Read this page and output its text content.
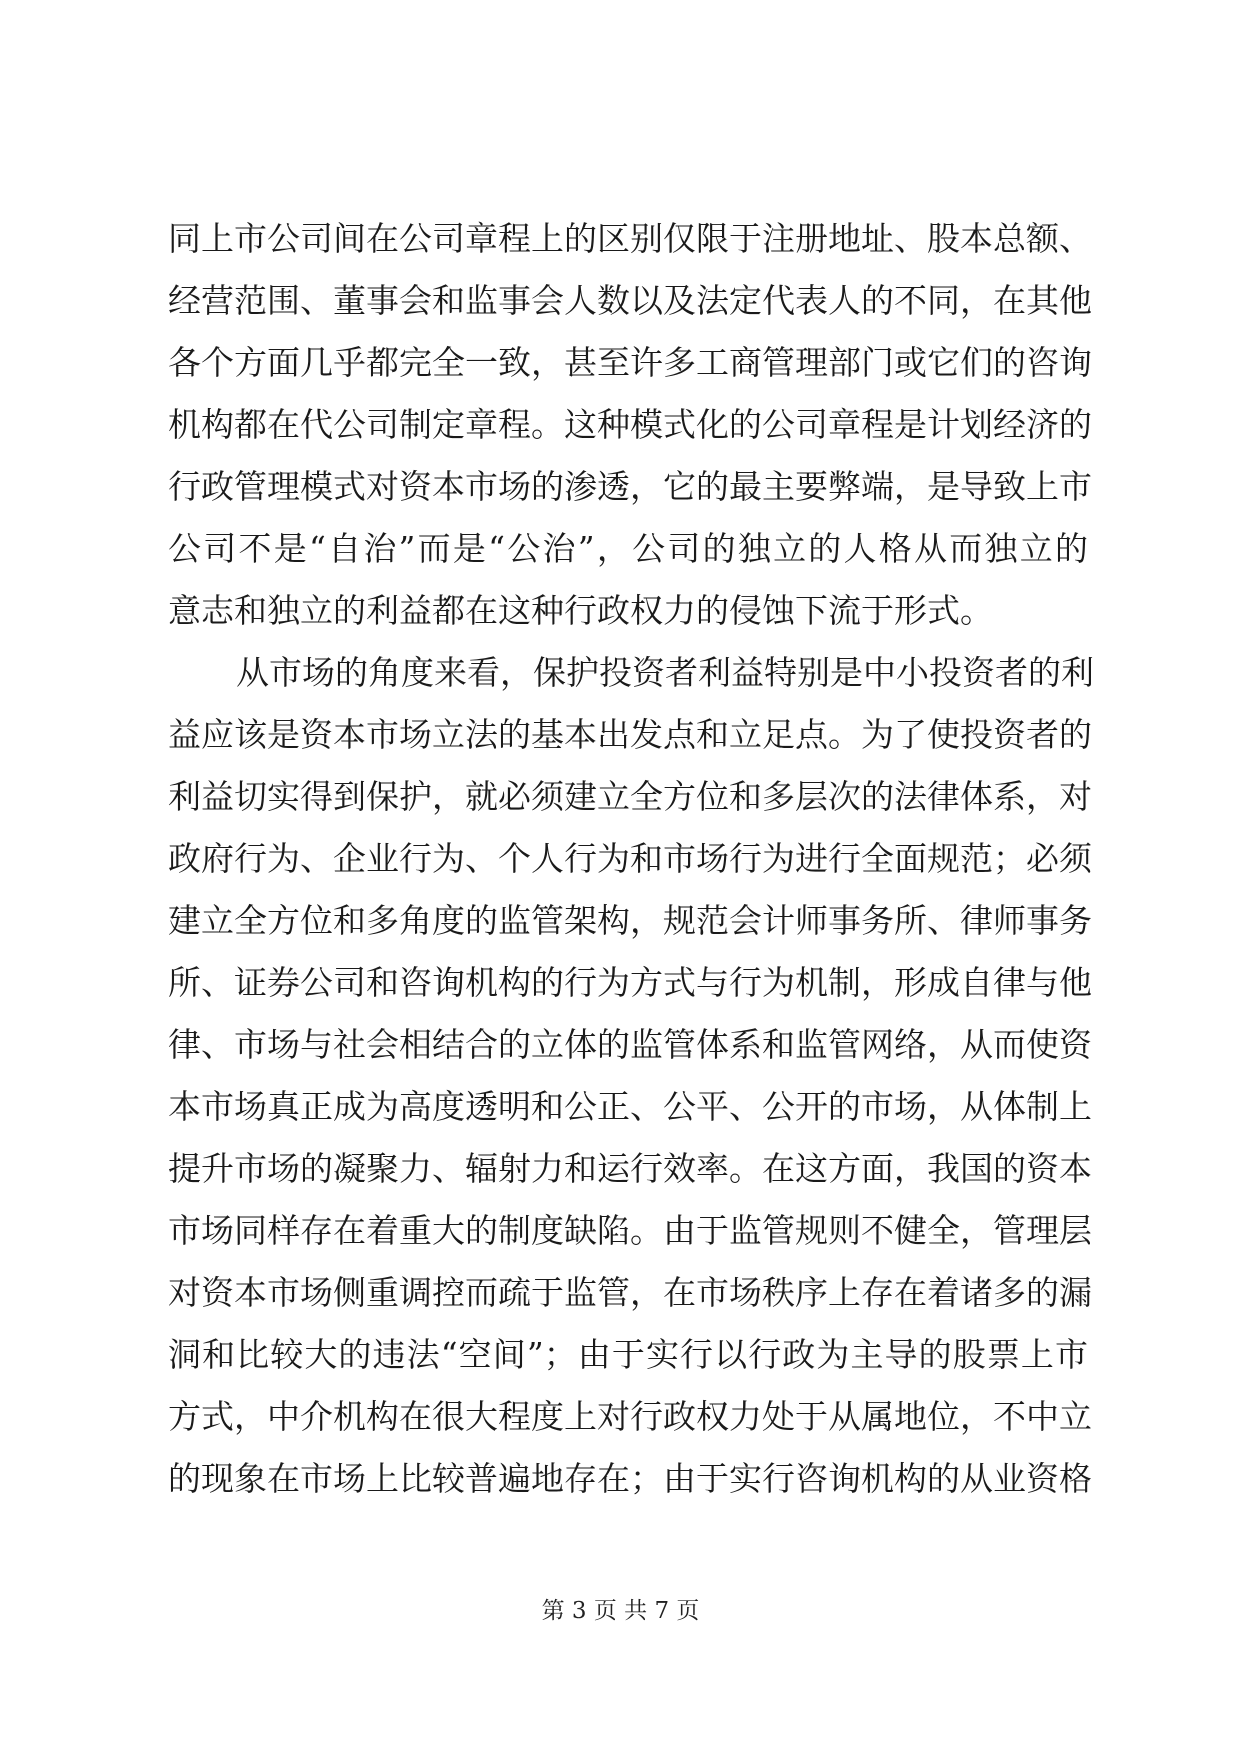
同上市公司间在公司章程上的区别仅限于注册地址、股本总额、
经营范围、董事会和监事会人数以及法定代表人的不同，在其他
各个方面几乎都完全一致，甚至许多工商管理部门或它们的咨询
机构都在代公司制定章程。这种模式化的公司章程是计划经济的
行政管理模式对资本市场的渗透，它的最主要弊端，是导致上市
公司不是“自治”而是“公治”，公司的独立的人格从而独立的
意志和独立的利益都在这种行政权力的侵蚀下流于形式。
从市场的角度来看，保护投资者利益特别是中小投资者的利
益应该是资本市场立法的基本出发点和立足点。为了使投资者的
利益切实得到保护，就必须建立全方位和多层次的法律体系，对
政府行为、企业行为、个人行为和市场行为进行全面规范；必须
建立全方位和多角度的监管架构，规范会计师事务所、律师事务
所、证券公司和咨询机构的行为方式与行为机制，形成自律与他
律、市场与社会相结合的立体的监管体系和监管网络，从而使资
本市场真正成为高度透明和公正、公平、公开的市场，从体制上
提升市场的凝聚力、辐射力和运行效率。在这方面，我国的资本
市场同样存在着重大的制度缺陷。由于监管规则不健全，管理层
对资本市场侧重调控而疏于监管，在市场秩序上存在着诸多的漏
洞和比较大的违法“空间”；由于实行以行政为主导的股票上市
方式，中介机构在很大程度上对行政权力处于从属地位，不中立
的现象在市场上比较普遍地存在；由于实行咨询机构的从业资格
第 3 页 共 7 页
